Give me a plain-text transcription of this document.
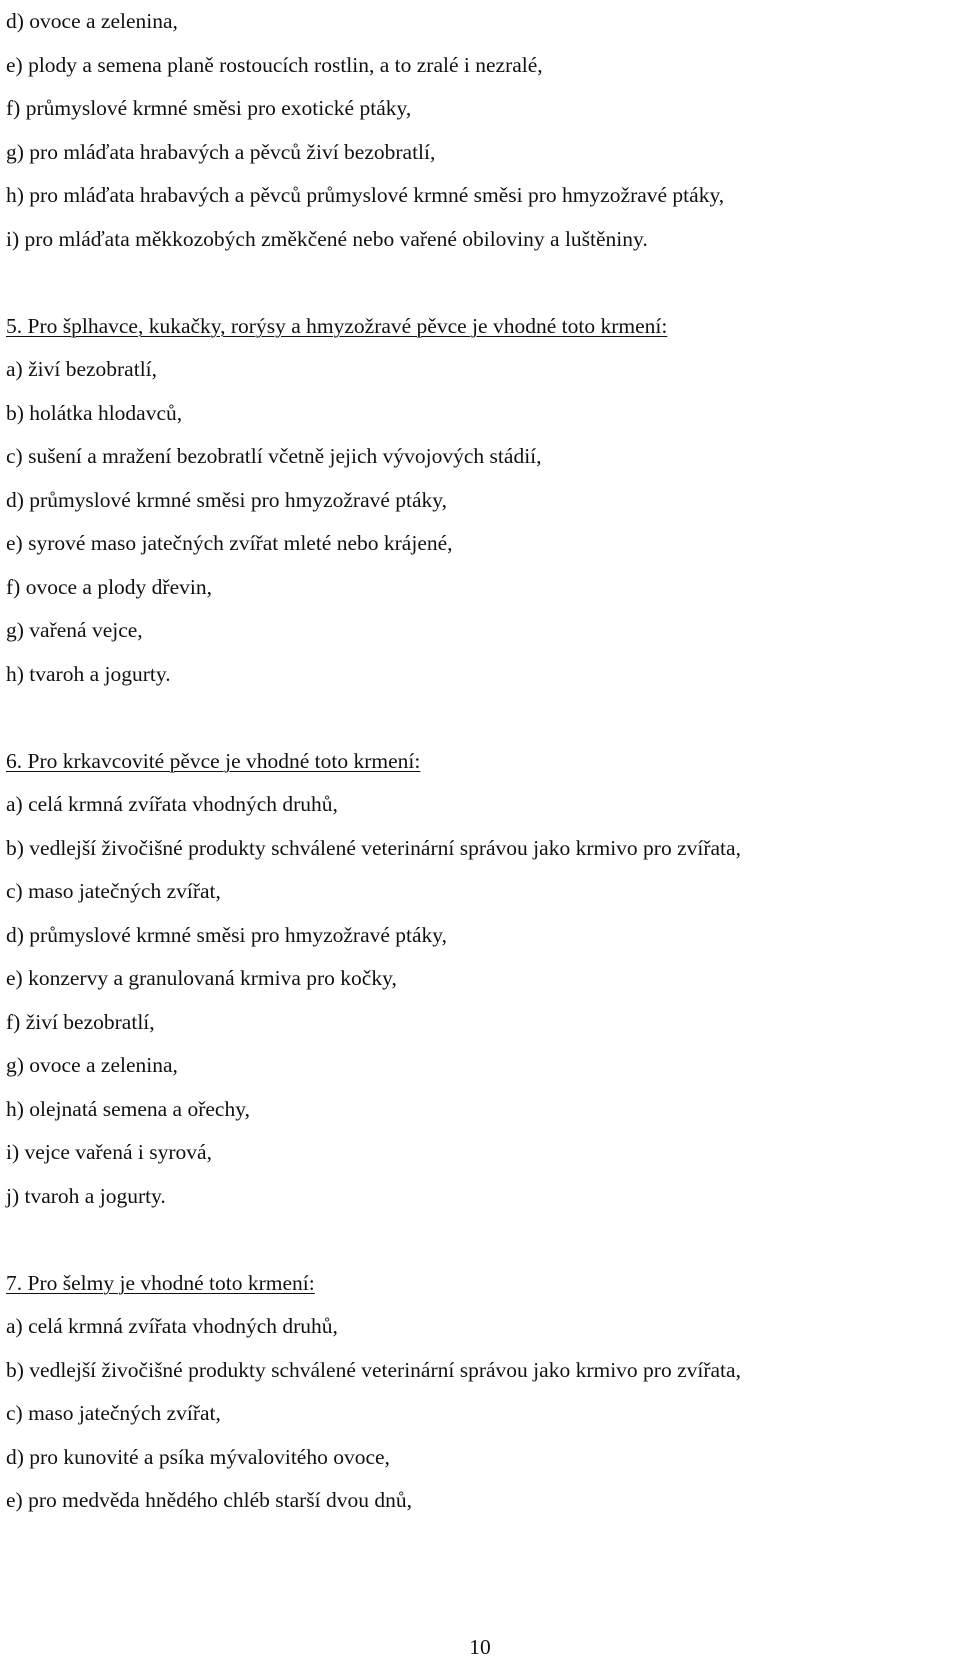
d) ovoce a zelenina,
e) plody a semena planě rostoucích rostlin, a to zralé i nezralé,
f) průmyslové krmné směsi pro exotické ptáky,
g) pro mláďata hrabavých a pěvců živí bezobratlí,
h) pro mláďata hrabavých a pěvců průmyslové krmné směsi pro hmyzožravé ptáky,
i) pro mláďata měkkozobých změkčené nebo vařené obiloviny a luštěniny.
5. Pro šplhavce, kukačky, rorýsy a hmyzožravé pěvce je vhodné toto krmení:
a) živí bezobratlí,
b) holátka hlodavců,
c) sušení a mražení bezobratlí včetně jejich vývojových stádií,
d) průmyslové krmné směsi pro hmyzožravé ptáky,
e) syrové maso jatečných zvířat mleté nebo krájené,
f) ovoce a plody dřevin,
g) vařená vejce,
h) tvaroh a jogurty.
6. Pro krkavcovité pěvce je vhodné toto krmení:
a) celá krmná zvířata vhodných druhů,
b) vedlejší živočišné produkty schválené veterinární správou jako krmivo pro zvířata,
c) maso jatečných zvířat,
d) průmyslové krmné směsi pro hmyzožravé ptáky,
e) konzervy a granulovaná krmiva pro kočky,
f) živí bezobratlí,
g) ovoce a zelenina,
h) olejnatá semena a ořechy,
i) vejce vařená i syrová,
j) tvaroh a jogurty.
7. Pro šelmy je vhodné toto krmení:
a) celá krmná zvířata vhodných druhů,
b) vedlejší živočišné produkty schválené veterinární správou jako krmivo pro zvířata,
c) maso jatečných zvířat,
d) pro kunovité a psíka mývalovitého ovoce,
e) pro medvěda hnědého chléb starší dvou dnů,
10
